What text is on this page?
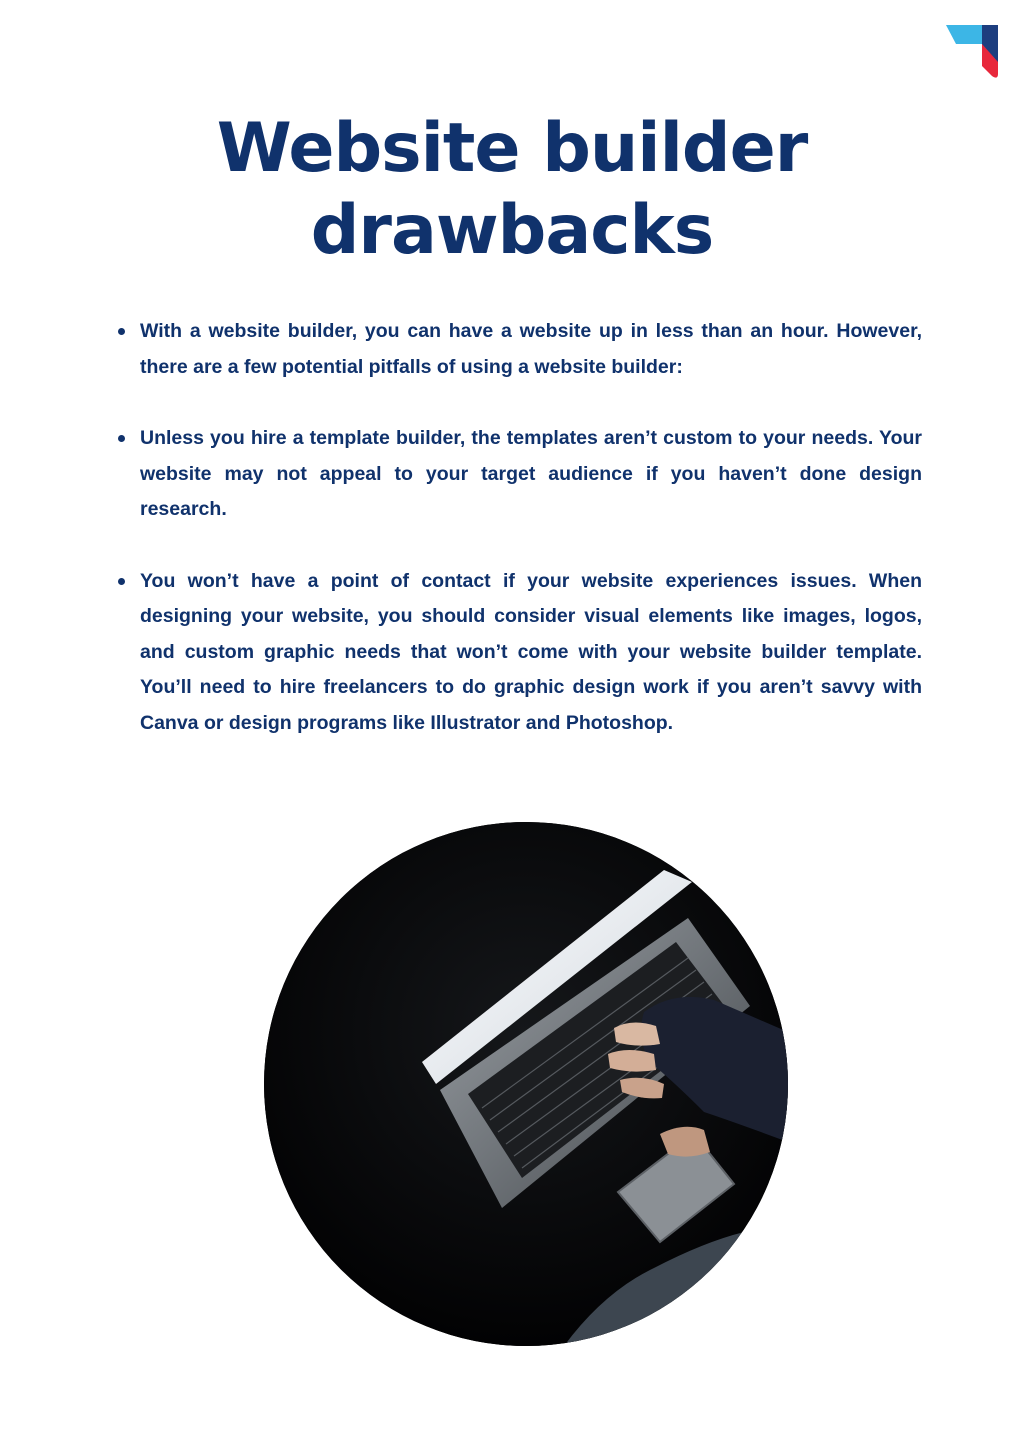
Website builder
drawbacks
With a website builder, you can have a website up in less than an hour. However, there are a few potential pitfalls of using a website builder:
Unless you hire a template builder, the templates aren’t custom to your needs. Your website may not appeal to your target audience if you haven’t done design research.
You won’t have a point of contact if your website experiences issues. When designing your website, you should consider visual elements like images, logos, and custom graphic needs that won’t come with your website builder template. You’ll need to hire freelancers to do graphic design work if you aren’t savvy with Canva or design programs like Illustrator and Photoshop.
